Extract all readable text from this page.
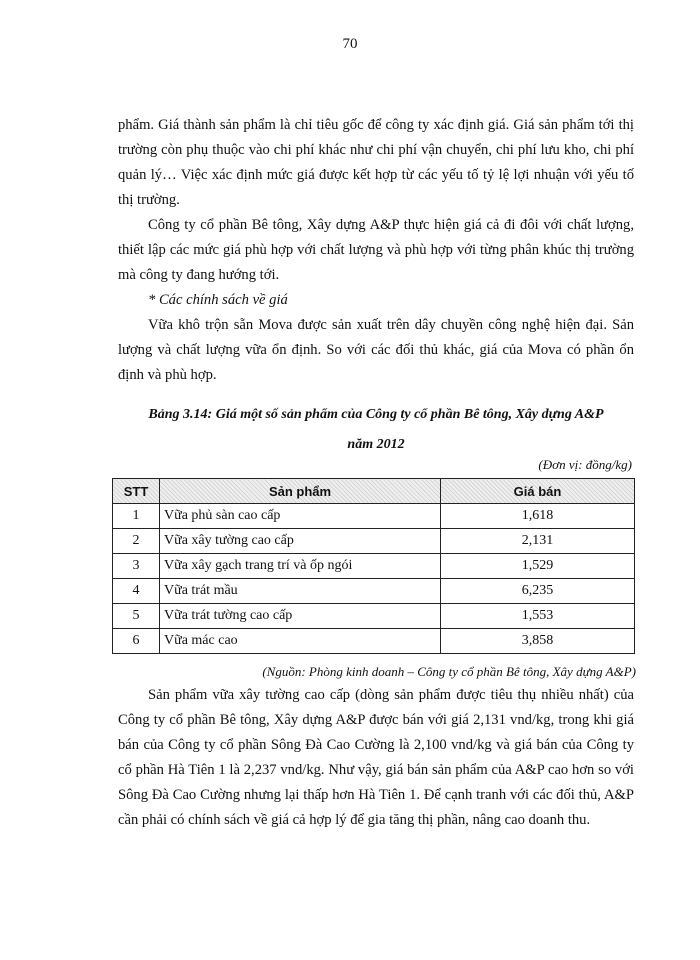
70

phẩm. Giá thành sản phẩm là chỉ tiêu gốc để công ty xác định giá. Giá sản phẩm tới thị trường còn phụ thuộc vào chi phí khác như chi phí vận chuyển, chi phí lưu kho, chi phí quản lý… Việc xác định mức giá được kết hợp từ các yếu tố tỷ lệ lợi nhuận với yếu tố thị trường.

Công ty cổ phần Bê tông, Xây dựng A&P thực hiện giá cả đi đôi với chất lượng, thiết lập các mức giá phù hợp với chất lượng và phù hợp với từng phân khúc thị trường mà công ty đang hướng tới.

* Các chính sách về giá

Vữa khô trộn sẵn Mova được sản xuất trên dây chuyền công nghệ hiện đại. Sản lượng và chất lượng vữa ổn định. So với các đối thủ khác, giá của Mova có phần ổn định và phù hợp.

Bảng 3.14: Giá một số sản phẩm của Công ty cổ phần Bê tông, Xây dựng A&P
năm 2012
(Đơn vị: đồng/kg)
STT	Sản phẩm	Giá bán
1	Vữa phủ sàn cao cấp	1,618
2	Vữa xây tường cao cấp	2,131
3	Vữa xây gạch trang trí và ốp ngói	1,529
4	Vữa trát mầu	6,235
5	Vữa trát tường cao cấp	1,553
6	Vữa mác cao	3,858
(Nguồn: Phòng kinh doanh – Công ty cổ phần Bê tông, Xây dựng A&P)

Sản phẩm vữa xây tường cao cấp (dòng sản phẩm được tiêu thụ nhiều nhất) của Công ty cổ phần Bê tông, Xây dựng A&P được bán với giá 2,131 vnd/kg, trong khi giá bán của Công ty cổ phần Sông Đà Cao Cường là 2,100 vnd/kg và giá bán của Công ty cổ phần Hà Tiên 1 là 2,237 vnd/kg. Như vậy, giá bán sản phẩm của A&P cao hơn so với Sông Đà Cao Cường nhưng lại thấp hơn Hà Tiên 1. Để cạnh tranh với các đối thủ, A&P cần phải có chính sách về giá cả hợp lý để gia tăng thị phần, nâng cao doanh thu.
